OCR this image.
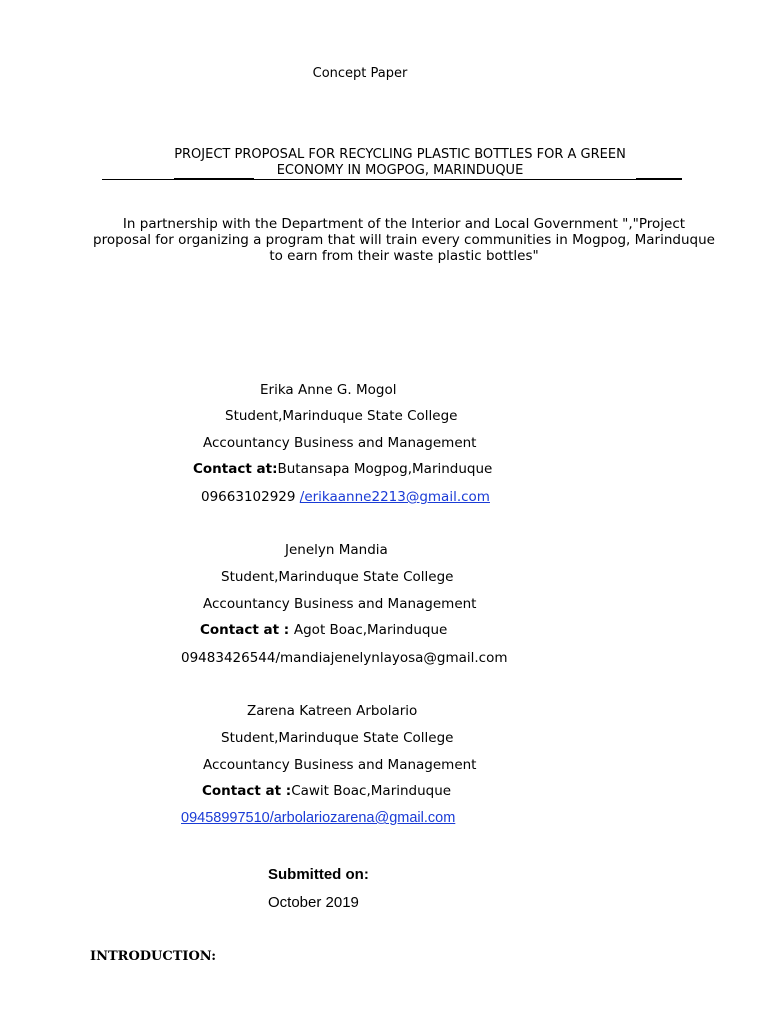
Concept Paper
PROJECT PROPOSAL FOR RECYCLING PLASTIC BOTTLES FOR A GREEN
ECONOMY IN MOGPOG, MARINDUQUE
In partnership with the Department of the Interior and Local Government ","Project
proposal for organizing a program that will train every communities in Mogpog, Marinduque
to earn from their waste plastic bottles"
Erika Anne G. Mogol
Student,Marinduque State College
Accountancy Business and Management
Contact at:Butansapa Mogpog,Marinduque
09663102929 /erikaanne2213@gmail.com
Jenelyn Mandia
Student,Marinduque State College
Accountancy Business and Management
Contact at : Agot Boac,Marinduque
09483426544/mandiajenelynlayosa@gmail.com
Zarena Katreen Arbolario
Student,Marinduque State College
Accountancy Business and Management
Contact at :Cawit Boac,Marinduque
09458997510/arbolariozarena@gmail.com
Submitted on:
October 2019
INTRODUCTION:
